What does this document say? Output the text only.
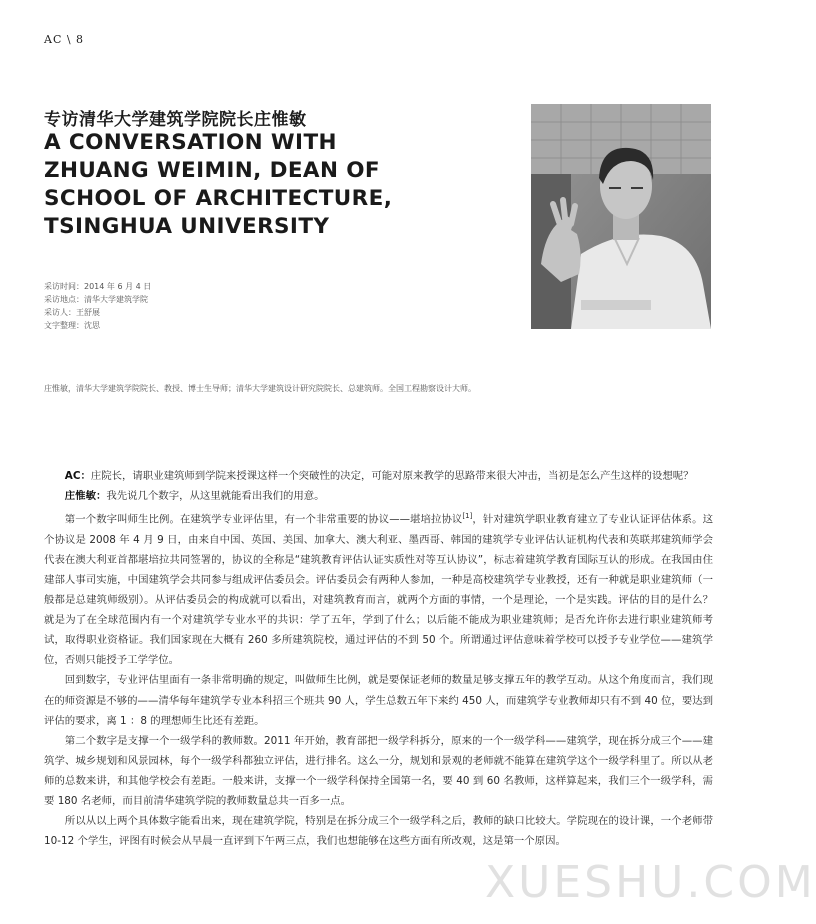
AC \ 8
专访清华大学建筑学院院长庄惟敏
A CONVERSATION WITH
ZHUANG WEIMIN, DEAN OF
SCHOOL OF ARCHITECTURE,
TSINGHUA UNIVERSITY
采访时间：2014 年 6 月 4 日
采访地点：清华大学建筑学院
采访人：王舒展
文字整理：沈思
庄惟敏，清华大学建筑学院院长、教授、博士生导师；清华大学建筑设计研究院院长、总建筑师。全国工程勘察设计大师。

AC：庄院长，请职业建筑师到学院来授课这样一个突破性的决定，可能对原来教学的思路带来很大冲击，当初是怎么产生这样的设想呢？

庄惟敏：我先说几个数字，从这里就能看出我们的用意。

第一个数字叫师生比例。在建筑学专业评估里，有一个非常重要的协议——堪培拉协议[1]，针对建筑学职业教育建立了专业认证评估体系。这个协议是 2008 年 4 月 9 日，由来自中国、英国、美国、加拿大、澳大利亚、墨西哥、韩国的建筑学专业评估认证机构代表和英联邦建筑师学会代表在澳大利亚首都堪培拉共同签署的，协议的全称是“建筑教育评估认证实质性对等互认协议”，标志着建筑学教育国际互认的形成。在我国由住建部人事司实施，中国建筑学会共同参与组成评估委员会。评估委员会有两种人参加，一种是高校建筑学专业教授，还有一种就是职业建筑师（一般都是总建筑师级别）。从评估委员会的构成就可以看出，对建筑教育而言，就两个方面的事情，一个是理论，一个是实践。评估的目的是什么？就是为了在全球范围内有一个对建筑学专业水平的共识：学了五年，学到了什么；以后能不能成为职业建筑师；是否允许你去进行职业建筑师考试，取得职业资格证。我们国家现在大概有 260 多所建筑院校，通过评估的不到 50 个。所谓通过评估意味着学校可以授予专业学位——建筑学位，否则只能授予工学学位。

回到数字，专业评估里面有一条非常明确的规定，叫做师生比例，就是要保证老师的数量足够支撑五年的教学互动。从这个角度而言，我们现在的师资源是不够的——清华每年建筑学专业本科招三个班共 90 人，学生总数五年下来约 450 人，而建筑学专业教师却只有不到 40 位，要达到评估的要求，离 1 ：8 的理想师生比还有差距。

第二个数字是支撑一个一级学科的教师数。2011 年开始，教育部把一级学科拆分，原来的一个一级学科——建筑学，现在拆分成三个——建筑学、城乡规划和风景园林，每个一级学科都独立评估，进行排名。这么一分，规划和景观的老师就不能算在建筑学这个一级学科里了。所以从老师的总数来讲，和其他学校会有差距。一般来讲，支撑一个一级学科保持全国第一名，要 40 到 60 名教师，这样算起来，我们三个一级学科，需要 180 名老师，而目前清华建筑学院的教师数量总共一百多一点。

所以从以上两个具体数字能看出来，现在建筑学院，特别是在拆分成三个一级学科之后，教师的缺口比较大。学院现在的设计课，一个老师带 10-12 个学生，评图有时候会从早晨一直评到下午两三点，我们也想能够在这些方面有所改观，这是第一个原因。

XUESHU.COM
